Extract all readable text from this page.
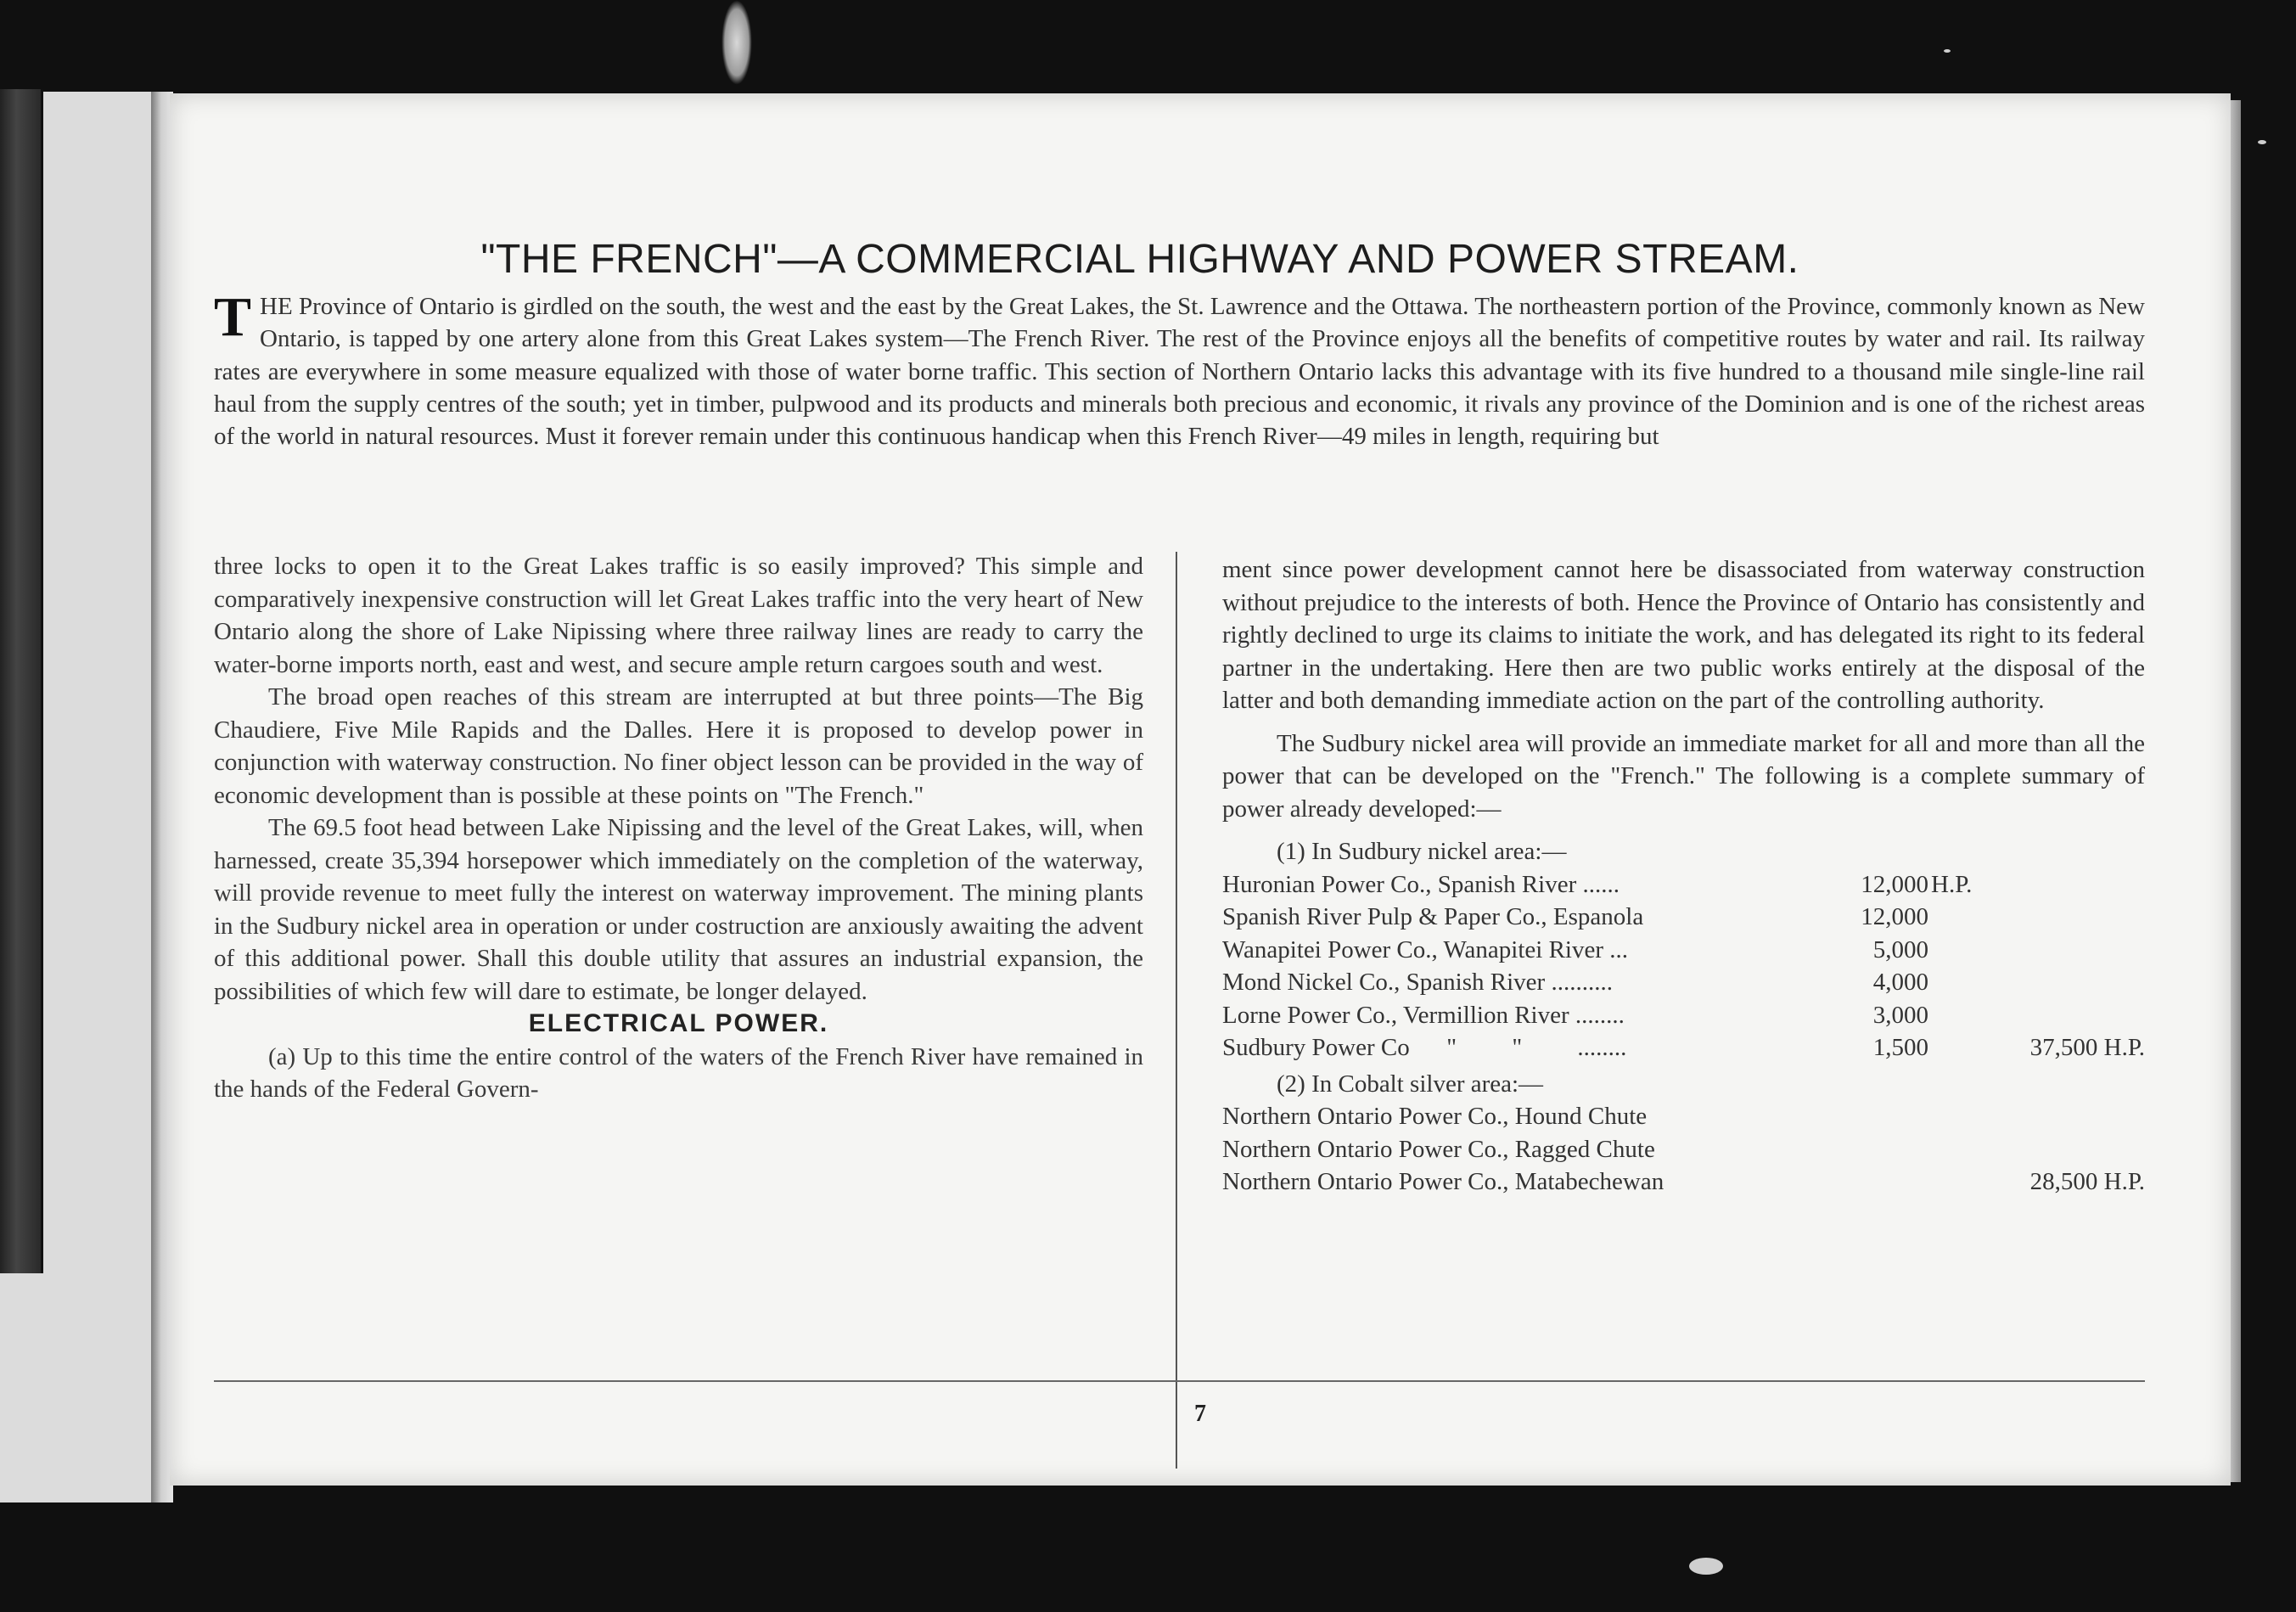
"THE FRENCH"—A COMMERCIAL HIGHWAY AND POWER STREAM.

THE Province of Ontario is girdled on the south, the west and the east by the Great Lakes, the St. Lawrence and the Ottawa. The northeastern portion of the Province, commonly known as New Ontario, is tapped by one artery alone from this Great Lakes system—The French River. The rest of the Province enjoys all the benefits of competitive routes by water and rail. Its railway rates are everywhere in some measure equalized with those of water borne traffic. This section of Northern Ontario lacks this advantage with its five hundred to a thousand mile single-line rail haul from the supply centres of the south; yet in timber, pulpwood and its products and minerals both precious and economic, it rivals any province of the Dominion and is one of the richest areas of the world in natural resources. Must it forever remain under this continuous handicap when this French River—49 miles in length, requiring but

three locks to open it to the Great Lakes traffic is so easily improved? This simple and comparatively inexpensive construction will let Great Lakes traffic into the very heart of New Ontario along the shore of Lake Nipissing where three railway lines are ready to carry the water-borne imports north, east and west, and secure ample return cargoes south and west.

The broad open reaches of this stream are interrupted at but three points—The Big Chaudiere, Five Mile Rapids and the Dalles. Here it is proposed to develop power in conjunction with waterway construction. No finer object lesson can be provided in the way of economic development than is possible at these points on "The French."

The 69.5 foot head between Lake Nipissing and the level of the Great Lakes, will, when harnessed, create 35,394 horsepower which immediately on the completion of the waterway, will provide revenue to meet fully the interest on waterway improvement. The mining plants in the Sudbury nickel area in operation or under costruction are anxiously awaiting the advent of this additional power. Shall this double utility that assures an industrial expansion, the possibilities of which few will dare to estimate, be longer delayed.

ELECTRICAL POWER.

(a) Up to this time the entire control of the waters of the French River have remained in the hands of the Federal Govern-

ment since power development cannot here be disassociated from waterway construction without prejudice to the interests of both. Hence the Province of Ontario has consistently and rightly declined to urge its claims to initiate the work, and has delegated its right to its federal partner in the undertaking. Here then are two public works entirely at the disposal of the latter and both demanding immediate action on the part of the controlling authority.

The Sudbury nickel area will provide an immediate market for all and more than all the power that can be developed on the "French." The following is a complete summary of power already developed:—

(1) In Sudbury nickel area:—

Huronian Power Co., Spanish River ......	12,000 H.P.
Spanish River Pulp & Paper Co., Espanola	12,000
Wanapitei Power Co., Wanapitei River ...	5,000
Mond Nickel Co., Spanish River ..........	4,000
Lorne Power Co., Vermillion River ........	3,000
Sudbury Power Co      "         "         ........	1,500	37,500 H.P.

(2) In Cobalt silver area:—

Northern Ontario Power Co., Hound Chute
Northern Ontario Power Co., Ragged Chute
Northern Ontario Power Co., Matabechewan	28,500 H.P.
7
